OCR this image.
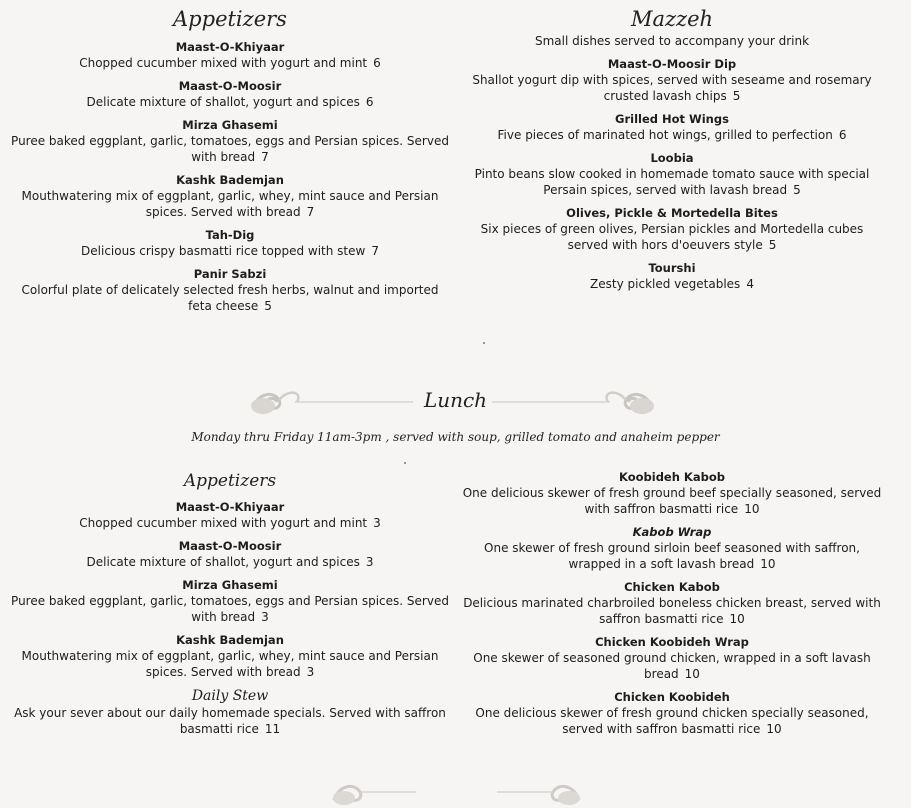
Appetizers
Maast-O-Khiyaar
Chopped cucumber mixed with yogurt and mint 6
Maast-O-Moosir
Delicate mixture of shallot, yogurt and spices 6
Mirza Ghasemi
Puree baked eggplant, garlic, tomatoes, eggs and Persian spices. Served with bread 7
Kashk Bademjan
Mouthwatering mix of eggplant, garlic, whey, mint sauce and Persian spices. Served with bread 7
Tah-Dig
Delicious crispy basmatti rice topped with stew 7
Panir Sabzi
Colorful plate of delicately selected fresh herbs, walnut and imported feta cheese 5
Mazzeh
Small dishes served to accompany your drink
Maast-O-Moosir Dip
Shallot yogurt dip with spices, served with seseame and rosemary crusted lavash chips 5
Grilled Hot Wings
Five pieces of marinated hot wings, grilled to perfection 6
Loobia
Pinto beans slow cooked in homemade tomato sauce with special Persain spices, served with lavash bread 5
Olives, Pickle & Mortedella Bites
Six pieces of green olives, Persian pickles and Mortedella cubes served with hors d'oeuvers style 5
Tourshi
Zesty pickled vegetables 4
Lunch
Monday thru Friday 11am-3pm , served with soup, grilled tomato and anaheim pepper
Appetizers
Maast-O-Khiyaar
Chopped cucumber mixed with yogurt and mint 3
Maast-O-Moosir
Delicate mixture of shallot, yogurt and spices 3
Mirza Ghasemi
Puree baked eggplant, garlic, tomatoes, eggs and Persian spices. Served with bread 3
Kashk Bademjan
Mouthwatering mix of eggplant, garlic, whey, mint sauce and Persian spices. Served with bread 3
Daily Stew
Ask your sever about our daily homemade specials. Served with saffron basmatti rice 11
Koobideh Kabob
One delicious skewer of fresh ground beef specially seasoned, served with saffron basmatti rice 10
Kabob Wrap
One skewer of fresh ground sirloin beef seasoned with saffron, wrapped in a soft lavash bread 10
Chicken Kabob
Delicious marinated charbroiled boneless chicken breast, served with saffron basmatti rice 10
Chicken Koobideh Wrap
One skewer of seasoned ground chicken, wrapped in a soft lavash bread 10
Chicken Koobideh
One delicious skewer of fresh ground chicken specially seasoned, served with saffron basmatti rice 10
